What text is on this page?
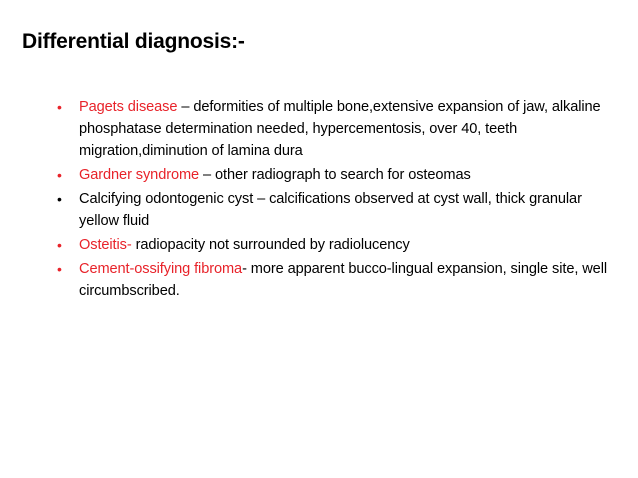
Differential diagnosis:-
• Pagets disease – deformities of multiple bone,extensive expansion of jaw, alkaline phosphatase determination needed, hypercementosis, over 40, teeth migration,diminution of lamina dura
• Gardner syndrome – other radiograph to search for osteomas
• Calcifying odontogenic cyst – calcifications observed at cyst wall, thick granular yellow fluid
• Osteitis- radiopacity not surrounded by radiolucency
• Cement-ossifying fibroma- more apparent bucco-lingual expansion, single site, well circumbscribed.
